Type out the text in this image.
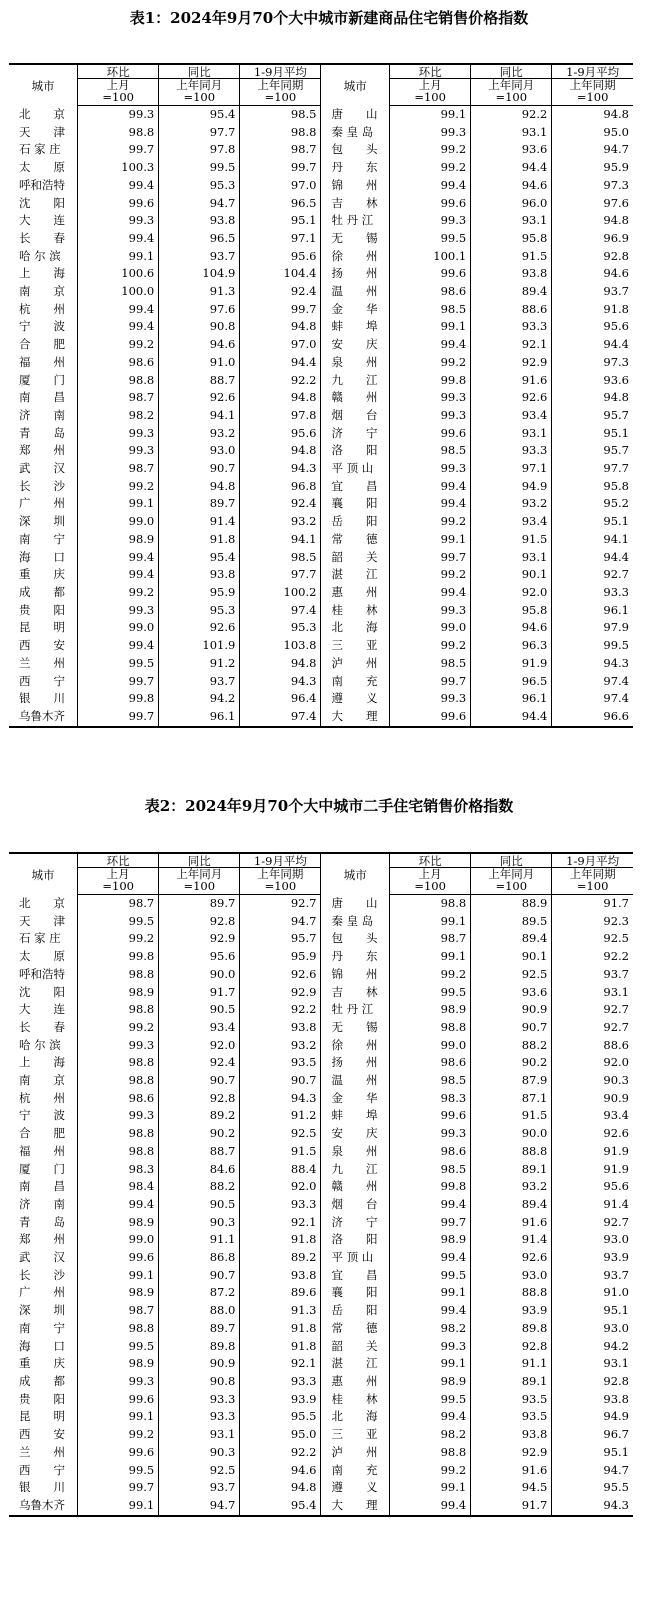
表1：2024年9月70个大中城市新建商品住宅销售价格指数
城市	环比	同比	1-9月平均	城市	环比	同比	1-9月平均
	上月	上年同月	上年同期		上月	上年同月	上年同期
	=100	=100	=100		=100	=100	=100
北　　京	99.3	95.4	98.5	唐　　山	99.1	92.2	94.8
天　　津	98.8	97.7	98.8	秦 皇 岛	99.3	93.1	95.0
石 家 庄	99.7	97.8	98.7	包　　头	99.2	93.6	94.7
太　　原	100.3	99.5	99.7	丹　　东	99.2	94.4	95.9
呼和浩特	99.4	95.3	97.0	锦　　州	99.4	94.6	97.3
沈　　阳	99.6	94.7	96.5	吉　　林	99.6	96.0	97.6
大　　连	99.3	93.8	95.1	牡 丹 江	99.3	93.1	94.8
长　　春	99.4	96.5	97.1	无　　锡	99.5	95.8	96.9
哈 尔 滨	99.1	93.7	95.6	徐　　州	100.1	91.5	92.8
上　　海	100.6	104.9	104.4	扬　　州	99.6	93.8	94.6
南　　京	100.0	91.3	92.4	温　　州	98.6	89.4	93.7
杭　　州	99.4	97.6	99.7	金　　华	98.5	88.6	91.8
宁　　波	99.4	90.8	94.8	蚌　　埠	99.1	93.3	95.6
合　　肥	99.2	94.6	97.0	安　　庆	99.4	92.1	94.4
福　　州	98.6	91.0	94.4	泉　　州	99.2	92.9	97.3
厦　　门	98.8	88.7	92.2	九　　江	99.8	91.6	93.6
南　　昌	98.7	92.6	94.8	赣　　州	99.3	92.6	94.8
济　　南	98.2	94.1	97.8	烟　　台	99.3	93.4	95.7
青　　岛	99.3	93.2	95.6	济　　宁	99.6	93.1	95.1
郑　　州	99.3	93.0	94.8	洛　　阳	98.5	93.3	95.7
武　　汉	98.7	90.7	94.3	平 顶 山	99.3	97.1	97.7
长　　沙	99.2	94.8	96.8	宜　　昌	99.4	94.9	95.8
广　　州	99.1	89.7	92.4	襄　　阳	99.4	93.2	95.2
深　　圳	99.0	91.4	93.2	岳　　阳	99.2	93.4	95.1
南　　宁	98.9	91.8	94.1	常　　德	99.1	91.5	94.1
海　　口	99.4	95.4	98.5	韶　　关	99.7	93.1	94.4
重　　庆	99.4	93.8	97.7	湛　　江	99.2	90.1	92.7
成　　都	99.2	95.9	100.2	惠　　州	99.4	92.0	93.3
贵　　阳	99.3	95.3	97.4	桂　　林	99.3	95.8	96.1
昆　　明	99.0	92.6	95.3	北　　海	99.0	94.6	97.9
西　　安	99.4	101.9	103.8	三　　亚	99.2	96.3	99.5
兰　　州	99.5	91.2	94.8	泸　　州	98.5	91.9	94.3
西　　宁	99.7	93.7	94.3	南　　充	99.7	96.5	97.4
银　　川	99.8	94.2	96.4	遵　　义	99.3	96.1	97.4
乌鲁木齐	99.7	96.1	97.4	大　　理	99.6	94.4	96.6
表2：2024年9月70个大中城市二手住宅销售价格指数
城市	环比	同比	1-9月平均	城市	环比	同比	1-9月平均
	上月	上年同月	上年同期		上月	上年同月	上年同期
	=100	=100	=100		=100	=100	=100
北　　京	98.7	89.7	92.7	唐　　山	98.8	88.9	91.7
天　　津	99.5	92.8	94.7	秦 皇 岛	99.1	89.5	92.3
石 家 庄	99.2	92.9	95.7	包　　头	98.7	89.4	92.5
太　　原	99.8	95.6	95.9	丹　　东	99.1	90.1	92.2
呼和浩特	98.8	90.0	92.6	锦　　州	99.2	92.5	93.7
沈　　阳	98.9	91.7	92.9	吉　　林	99.5	93.6	93.1
大　　连	98.8	90.5	92.2	牡 丹 江	98.9	90.9	92.7
长　　春	99.2	93.4	93.8	无　　锡	98.8	90.7	92.7
哈 尔 滨	99.3	92.0	93.2	徐　　州	99.0	88.2	88.6
上　　海	98.8	92.4	93.5	扬　　州	98.6	90.2	92.0
南　　京	98.8	90.7	90.7	温　　州	98.5	87.9	90.3
杭　　州	98.6	92.8	94.3	金　　华	98.3	87.1	90.9
宁　　波	99.3	89.2	91.2	蚌　　埠	99.6	91.5	93.4
合　　肥	98.8	90.2	92.5	安　　庆	99.3	90.0	92.6
福　　州	98.8	88.7	91.5	泉　　州	98.6	88.8	91.9
厦　　门	98.3	84.6	88.4	九　　江	98.5	89.1	91.9
南　　昌	98.4	88.2	92.0	赣　　州	99.8	93.2	95.6
济　　南	99.4	90.5	93.3	烟　　台	99.4	89.4	91.4
青　　岛	98.9	90.3	92.1	济　　宁	99.7	91.6	92.7
郑　　州	99.0	91.1	91.8	洛　　阳	98.9	91.4	93.0
武　　汉	99.6	86.8	89.2	平 顶 山	99.4	92.6	93.9
长　　沙	99.1	90.7	93.8	宜　　昌	99.5	93.0	93.7
广　　州	98.9	87.2	89.6	襄　　阳	99.1	88.8	91.0
深　　圳	98.7	88.0	91.3	岳　　阳	99.4	93.9	95.1
南　　宁	98.8	89.7	91.8	常　　德	98.2	89.8	93.0
海　　口	99.5	89.8	91.8	韶　　关	99.3	92.8	94.2
重　　庆	98.9	90.9	92.1	湛　　江	99.1	91.1	93.1
成　　都	99.3	90.8	93.3	惠　　州	98.9	89.1	92.8
贵　　阳	99.6	93.3	93.9	桂　　林	99.5	93.5	93.8
昆　　明	99.1	93.3	95.5	北　　海	99.4	93.5	94.9
西　　安	99.2	93.1	95.0	三　　亚	98.2	93.8	96.7
兰　　州	99.6	90.3	92.2	泸　　州	98.8	92.9	95.1
西　　宁	99.5	92.5	94.6	南　　充	99.2	91.6	94.7
银　　川	99.7	93.7	94.8	遵　　义	99.1	94.5	95.5
乌鲁木齐	99.1	94.7	95.4	大　　理	99.4	91.7	94.3
